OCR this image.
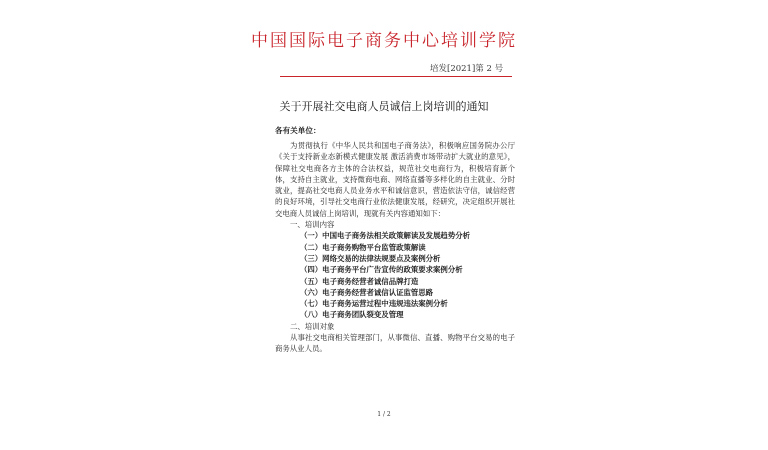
中国国际电子商务中心培训学院
培发[2021]第 2 号
关于开展社交电商人员诚信上岗培训的通知
各有关单位：
为贯彻执行《中华人民共和国电子商务法》，积极响应国务院办公厅《关于支持新业态新模式健康发展 激活消费市场带动扩大就业的意见》，保障社交电商各方主体的合法权益，规范社交电商行为，积极培育新个体，支持自主就业，支持微商电商、网络直播等多样化的自主就业、分时就业，提高社交电商人员业务水平和诚信意识，营造依法守信，诚信经营的良好环境，引导社交电商行业依法健康发展，经研究，决定组织开展社交电商人员诚信上岗培训，现就有关内容通知如下：
一、培训内容
（一）中国电子商务法相关政策解读及发展趋势分析
（二）电子商务购物平台监管政策解读
（三）网络交易的法律法规要点及案例分析
（四）电子商务平台广告宣传的政策要求案例分析
（五）电子商务经营者诚信品牌打造
（六）电子商务经营者诚信认证监管思路
（七）电子商务运营过程中违规违法案例分析
（八）电子商务团队裂变及管理
二、培训对象
从事社交电商相关管理部门，从事微信、直播、购物平台交易的电子商务从业人员。
1 / 2
